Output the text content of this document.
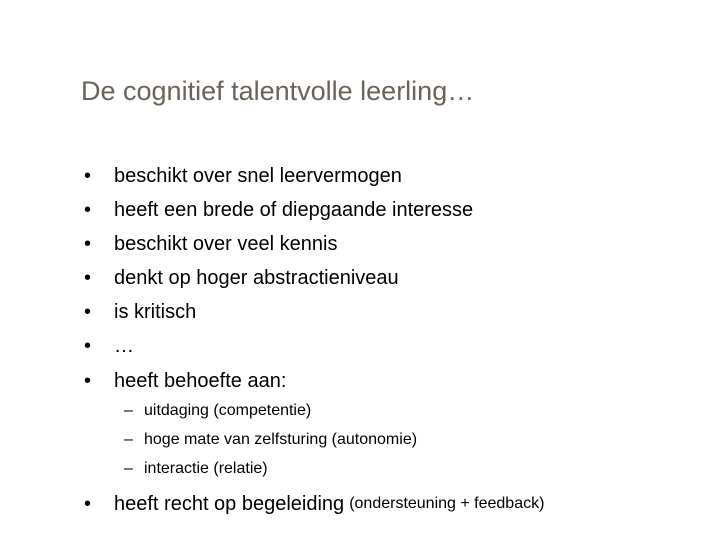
De cognitief talentvolle leerling…
•	beschikt over snel leervermogen
•	heeft een brede of diepgaande interesse
•	beschikt over veel kennis
•	denkt op hoger abstractieniveau
•	is kritisch
•	…
•	heeft behoefte aan:
– uitdaging (competentie)
– hoge mate van zelfsturing (autonomie)
– interactie (relatie)
•	heeft recht op begeleiding (ondersteuning + feedback)
